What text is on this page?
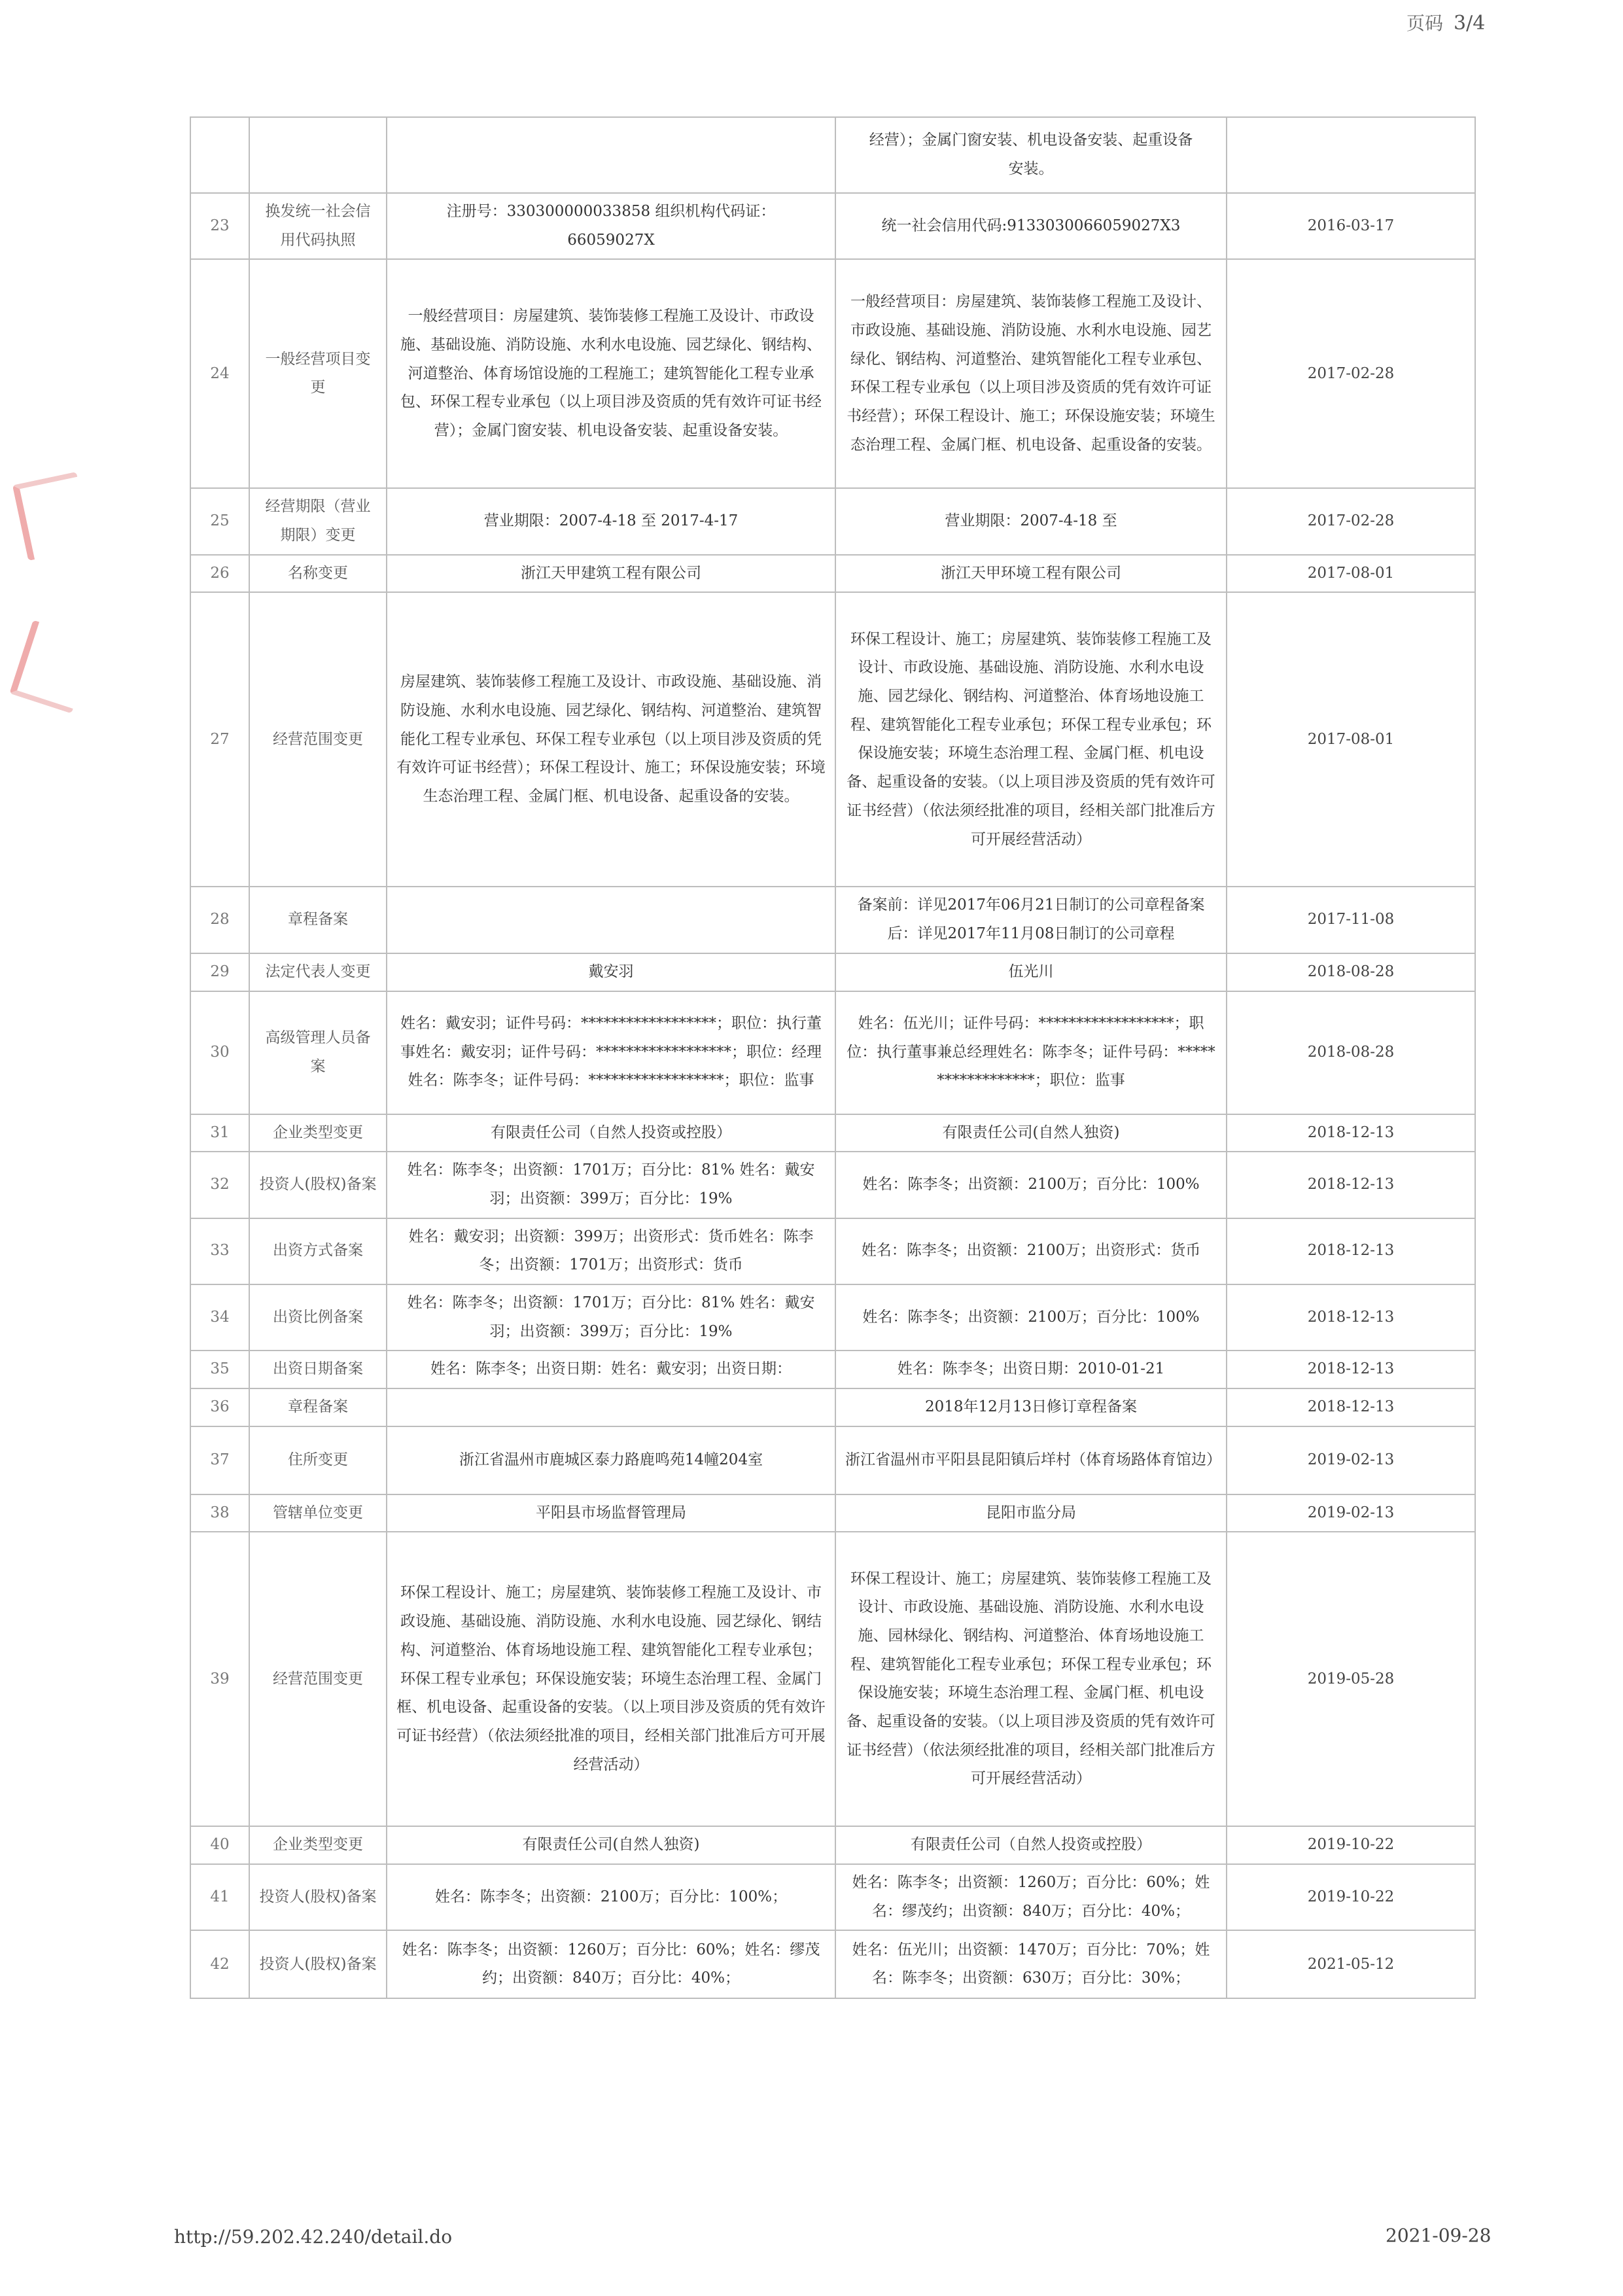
页码 3/4
			经营）；金属门窗安装、机电设备安装、起重设备
安装。	
23	换发统一社会信用代码执照	注册号：330300000033858 组织机构代码证：
66059027X	统一社会信用代码:9133030066059027X3	2016-03-17
24	一般经营项目变更	一般经营项目：房屋建筑、装饰装修工程施工及设计、市政设施、基础设施、消防设施、水利水电设施、园艺绿化、钢结构、河道整治、体育场馆设施的工程施工；建筑智能化工程专业承包、环保工程专业承包（以上项目涉及资质的凭有效许可证书经营）；金属门窗安装、机电设备安装、起重设备安装。	一般经营项目：房屋建筑、装饰装修工程施工及设计、市政设施、基础设施、消防设施、水利水电设施、园艺绿化、钢结构、河道整治、建筑智能化工程专业承包、环保工程专业承包（以上项目涉及资质的凭有效许可证书经营）；环保工程设计、施工；环保设施安装；环境生态治理工程、金属门框、机电设备、起重设备的安装。	2017-02-28
25	经营期限（营业期限）变更	营业期限：2007-4-18 至 2017-4-17	营业期限：2007-4-18 至	2017-02-28
26	名称变更	浙江天甲建筑工程有限公司	浙江天甲环境工程有限公司	2017-08-01
27	经营范围变更	房屋建筑、装饰装修工程施工及设计、市政设施、基础设施、消防设施、水利水电设施、园艺绿化、钢结构、河道整治、建筑智能化工程专业承包、环保工程专业承包（以上项目涉及资质的凭有效许可证书经营）；环保工程设计、施工；环保设施安装；环境生态治理工程、金属门框、机电设备、起重设备的安装。	环保工程设计、施工；房屋建筑、装饰装修工程施工及设计、市政设施、基础设施、消防设施、水利水电设施、园艺绿化、钢结构、河道整治、体育场地设施工程、建筑智能化工程专业承包；环保工程专业承包；环保设施安装；环境生态治理工程、金属门框、机电设备、起重设备的安装。（以上项目涉及资质的凭有效许可证书经营）（依法须经批准的项目，经相关部门批准后方可开展经营活动）	2017-08-01
28	章程备案		备案前：详见2017年06月21日制订的公司章程备案后：详见2017年11月08日制订的公司章程	2017-11-08
29	法定代表人变更	戴安羽	伍光川	2018-08-28
30	高级管理人员备案	姓名：戴安羽；证件号码：******************；职位：执行董事姓名：戴安羽；证件号码：******************；职位：经理姓名：陈李冬；证件号码：******************；职位：监事	姓名：伍光川；证件号码：******************；职位：执行董事兼总经理姓名：陈李冬；证件号码：******************；职位：监事	2018-08-28
31	企业类型变更	有限责任公司（自然人投资或控股）	有限责任公司(自然人独资)	2018-12-13
32	投资人(股权)备案	姓名：陈李冬；出资额：1701万；百分比：81% 姓名：戴安羽；出资额：399万；百分比：19%	姓名：陈李冬；出资额：2100万；百分比：100%	2018-12-13
33	出资方式备案	姓名：戴安羽；出资额：399万；出资形式：货币姓名：陈李冬；出资额：1701万；出资形式：货币	姓名：陈李冬；出资额：2100万；出资形式：货币	2018-12-13
34	出资比例备案	姓名：陈李冬；出资额：1701万；百分比：81% 姓名：戴安羽；出资额：399万；百分比：19%	姓名：陈李冬；出资额：2100万；百分比：100%	2018-12-13
35	出资日期备案	姓名：陈李冬；出资日期：姓名：戴安羽；出资日期：	姓名：陈李冬；出资日期：2010-01-21	2018-12-13
36	章程备案		2018年12月13日修订章程备案	2018-12-13
37	住所变更	浙江省温州市鹿城区泰力路鹿鸣苑14幢204室	浙江省温州市平阳县昆阳镇后垟村（体育场路体育馆边）	2019-02-13
38	管辖单位变更	平阳县市场监督管理局	昆阳市监分局	2019-02-13
39	经营范围变更	环保工程设计、施工；房屋建筑、装饰装修工程施工及设计、市政设施、基础设施、消防设施、水利水电设施、园艺绿化、钢结构、河道整治、体育场地设施工程、建筑智能化工程专业承包；环保工程专业承包；环保设施安装；环境生态治理工程、金属门框、机电设备、起重设备的安装。（以上项目涉及资质的凭有效许可证书经营）（依法须经批准的项目，经相关部门批准后方可开展经营活动）	环保工程设计、施工；房屋建筑、装饰装修工程施工及设计、市政设施、基础设施、消防设施、水利水电设施、园林绿化、钢结构、河道整治、体育场地设施工程、建筑智能化工程专业承包；环保工程专业承包；环保设施安装；环境生态治理工程、金属门框、机电设备、起重设备的安装。（以上项目涉及资质的凭有效许可证书经营）（依法须经批准的项目，经相关部门批准后方可开展经营活动）	2019-05-28
40	企业类型变更	有限责任公司(自然人独资)	有限责任公司（自然人投资或控股）	2019-10-22
41	投资人(股权)备案	姓名：陈李冬；出资额：2100万；百分比：100%；	姓名：陈李冬；出资额：1260万；百分比：60%；姓名：缪茂约；出资额：840万；百分比：40%；	2019-10-22
42	投资人(股权)备案	姓名：陈李冬；出资额：1260万；百分比：60%；姓名：缪茂约；出资额：840万；百分比：40%；	姓名：伍光川；出资额：1470万；百分比：70%；姓名：陈李冬；出资额：630万；百分比：30%；	2021-05-12
http://59.202.42.240/detail.do	2021-09-28
